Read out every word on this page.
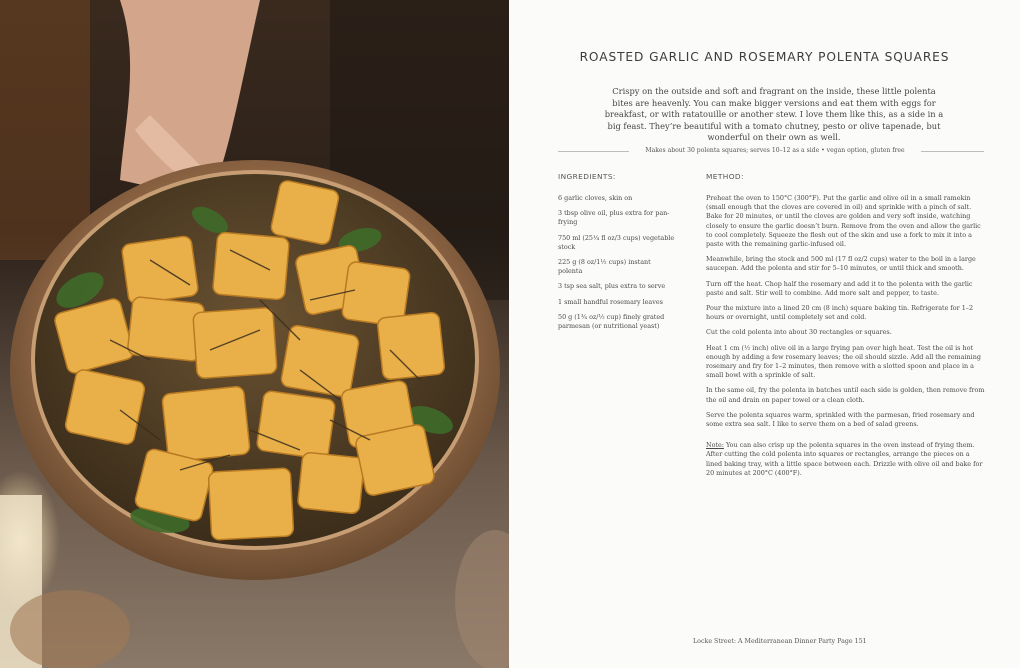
ROASTED GARLIC AND ROSEMARY POLENTA SQUARES
Crispy on the outside and soft and fragrant on the inside, these little polenta bites are heavenly. You can make bigger versions and eat them with eggs for breakfast, or with ratatouille or another stew. I love them like this, as a side in a big feast. They’re beautiful with a tomato chutney, pesto or olive tapenade, but wonderful on their own as well.
Makes about 30 polenta squares; serves 10–12 as a side • vegan option, gluten free
INGREDIENTS:	METHOD:
6 garlic cloves, skin on
3 tbsp olive oil, plus extra for pan-frying
750 ml (25¼ fl oz/3 cups) vegetable stock
225 g (8 oz/1½ cups) instant polenta
3 tsp sea salt, plus extra to serve
1 small handful rosemary leaves
50 g (1¾ oz/½ cup) finely grated parmesan (or nutritional yeast)
Preheat the oven to 150°C (300°F). Put the garlic and olive oil in a small ramekin (small enough that the cloves are covered in oil) and sprinkle with a pinch of salt. Bake for 20 minutes, or until the cloves are golden and very soft inside, watching closely to ensure the garlic doesn’t burn. Remove from the oven and allow the garlic to cool completely. Squeeze the flesh out of the skin and use a fork to mix it into a paste with the remaining garlic-infused oil.
Meanwhile, bring the stock and 500 ml (17 fl oz/2 cups) water to the boil in a large saucepan. Add the polenta and stir for 5–10 minutes, or until thick and smooth.
Turn off the heat. Chop half the rosemary and add it to the polenta with the garlic paste and salt. Stir well to combine. Add more salt and pepper, to taste.
Pour the mixture into a lined 20 cm (8 inch) square baking tin. Refrigerate for 1–2 hours or overnight, until completely set and cold.
Cut the cold polenta into about 30 rectangles or squares.
Heat 1 cm (½ inch) olive oil in a large frying pan over high heat. Test the oil is hot enough by adding a few rosemary leaves; the oil should sizzle. Add all the remaining rosemary and fry for 1–2 minutes, then remove with a slotted spoon and place in a small bowl with a sprinkle of salt.
In the same oil, fry the polenta in batches until each side is golden, then remove from the oil and drain on paper towel or a clean cloth.
Serve the polenta squares warm, sprinkled with the parmesan, fried rosemary and some extra sea salt. I like to serve them on a bed of salad greens.
Note: You can also crisp up the polenta squares in the oven instead of frying them. After cutting the cold polenta into squares or rectangles, arrange the pieces on a lined baking tray, with a little space between each. Drizzle with olive oil and bake for 20 minutes at 200°C (400°F).
Locke Street: A Mediterranean Dinner Party Page 151
